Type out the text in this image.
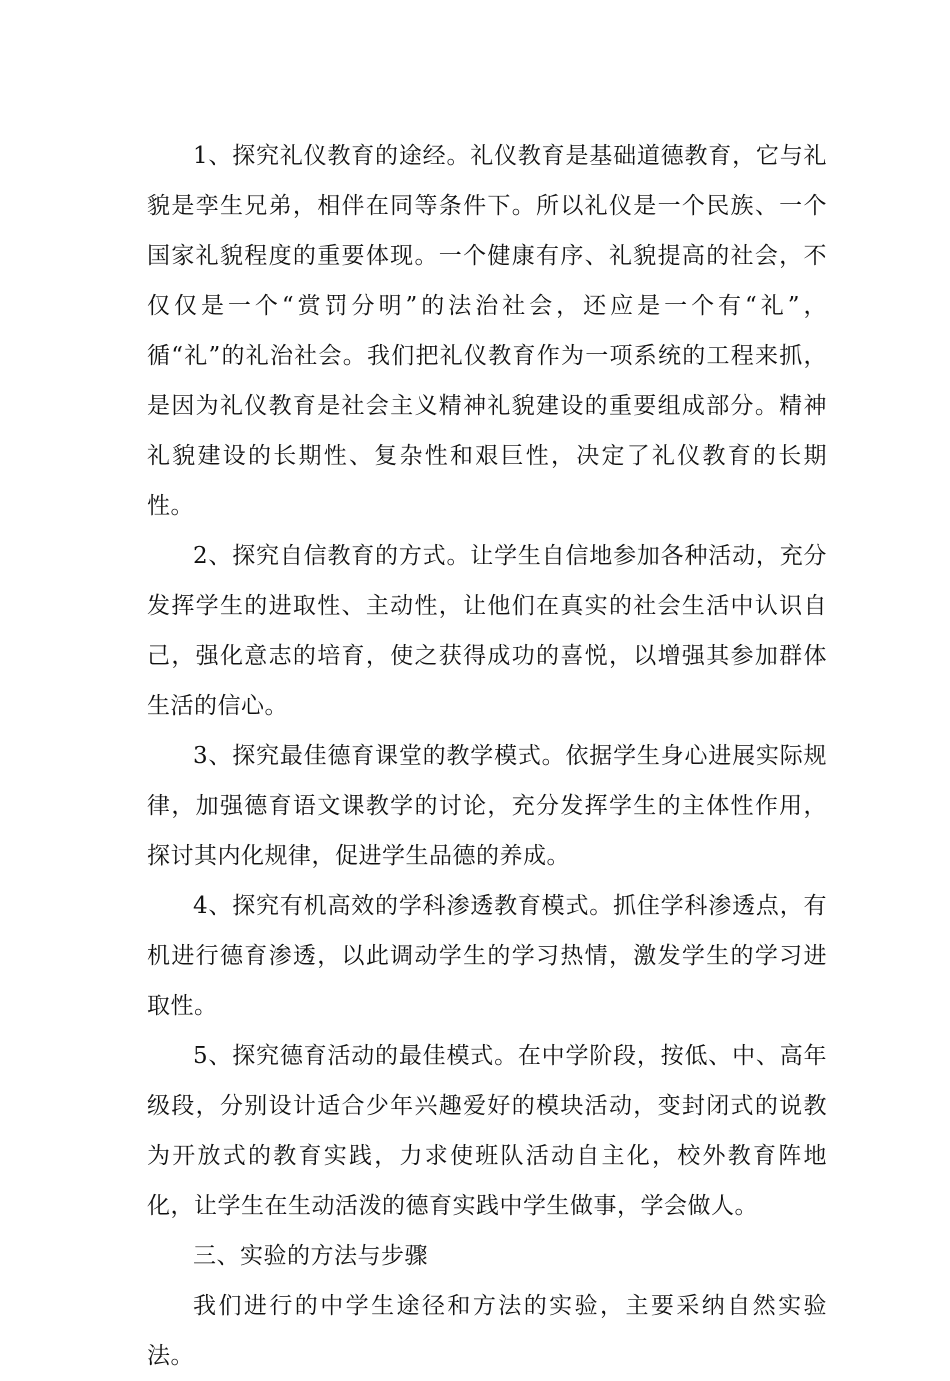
1、探究礼仪教育的途经。礼仪教育是基础道德教育，它与礼貌是孪生兄弟，相伴在同等条件下。所以礼仪是一个民族、一个国家礼貌程度的重要体现。一个健康有序、礼貌提高的社会，不仅仅是一个“赏罚分明”的法治社会，还应是一个有“礼”，循“礼”的礼治社会。我们把礼仪教育作为一项系统的工程来抓，是因为礼仪教育是社会主义精神礼貌建设的重要组成部分。精神礼貌建设的长期性、复杂性和艰巨性，决定了礼仪教育的长期性。

2、探究自信教育的方式。让学生自信地参加各种活动，充分发挥学生的进取性、主动性，让他们在真实的社会生活中认识自己，强化意志的培育，使之获得成功的喜悦，以增强其参加群体生活的信心。

3、探究最佳德育课堂的教学模式。依据学生身心进展实际规律，加强德育语文课教学的讨论，充分发挥学生的主体性作用，探讨其内化规律，促进学生品德的养成。

4、探究有机高效的学科渗透教育模式。抓住学科渗透点，有机进行德育渗透，以此调动学生的学习热情，激发学生的学习进取性。

5、探究德育活动的最佳模式。在中学阶段，按低、中、高年级段，分别设计适合少年兴趣爱好的模块活动，变封闭式的说教为开放式的教育实践，力求使班队活动自主化，校外教育阵地化，让学生在生动活泼的德育实践中学生做事，学会做人。

三、实验的方法与步骤

我们进行的中学生途径和方法的实验，主要采纳自然实验法。
